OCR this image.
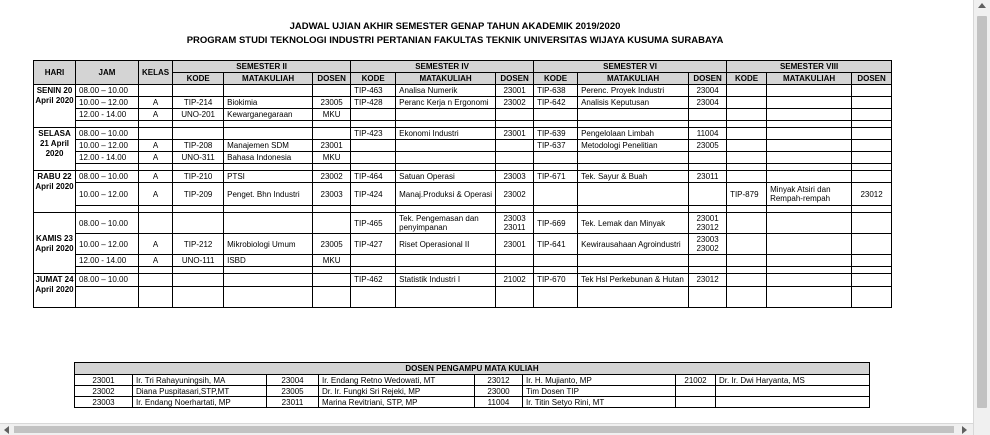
JADWAL UJIAN AKHIR SEMESTER GENAP TAHUN AKADEMIK 2019/2020
PROGRAM STUDI TEKNOLOGI INDUSTRI PERTANIAN FAKULTAS TEKNIK UNIVERSITAS WIJAYA KUSUMA SURABAYA
HARI	JAM	KELAS	SEMESTER II			SEMESTER IV			SEMESTER VI			SEMESTER VIII		
			KODE	MATAKULIAH	DOSEN	KODE	MATAKULIAH	DOSEN	KODE	MATAKULIAH	DOSEN	KODE	MATAKULIAH	DOSEN
SENIN 20 April 2020	08.00 – 10.00					TIP-463	Analisa Numerik	23001	TIP-638	Perenc. Proyek Industri	23004			
	10.00 – 12.00	A	TIP-214	Biokimia	23005	TIP-428	Peranc Kerja n Ergonomi	23002	TIP-642	Analisis Keputusan	23004			
	12.00 - 14.00	A	UNO-201	Kewarganegaraan	MKU									

SELASA 21 April 2020	08.00 – 10.00					TIP-423	Ekonomi Industri	23001	TIP-639	Pengelolaan Limbah	11004			
	10.00 – 12.00	A	TIP-208	Manajemen SDM	23001				TIP-637	Metodologi Penelitian	23005			
	12.00 - 14.00	A	UNO-311	Bahasa Indonesia	MKU									

RABU 22 April 2020	08.00 – 10.00	A	TIP-210	PTSI	23002	TIP-464	Satuan Operasi	23003	TIP-671	Tek. Sayur & Buah	23011			
	10.00 – 12.00	A	TIP-209	Penget. Bhn Industri	23003	TIP-424	Manaj.Produksi & Operasi	23002				TIP-879	Minyak Atsiri dan Rempah-rempah	23012

KAMIS 23 April 2020	08.00 – 10.00					TIP-465	Tek. Pengemasan dan penyimpanan	23003 23011	TIP-669	Tek. Lemak dan Minyak	23001 23012			
	10.00 – 12.00	A	TIP-212	Mikrobiologi Umum	23005	TIP-427	Riset Operasional II	23001	TIP-641	Kewirausahaan Agroindustri	23003 23002			
	12.00 - 14.00	A	UNO-111	ISBD	MKU									

JUMAT 24 April 2020	08.00 – 10.00					TIP-462	Statistik Industri I	21002	TIP-670	Tek Hsl Perkebunan & Hutan	23012			

DOSEN PENGAMPU MATA KULIAH							
23001	Ir. Tri Rahayuningsih, MA	23004	Ir. Endang Retno Wedowati, MT	23012	Ir. H. Mujianto, MP	21002	Dr. Ir. Dwi Haryanta, MS
23002	Diana Puspitasari,STP,MT	23005	Dr. Ir. Fungki Sri Rejeki, MP	23000	Tim Dosen TIP		
23003	Ir. Endang Noerhartati, MP	23011	Marina Revitriani, STP, MP	11004	Ir. Titin Setyo Rini, MT		
